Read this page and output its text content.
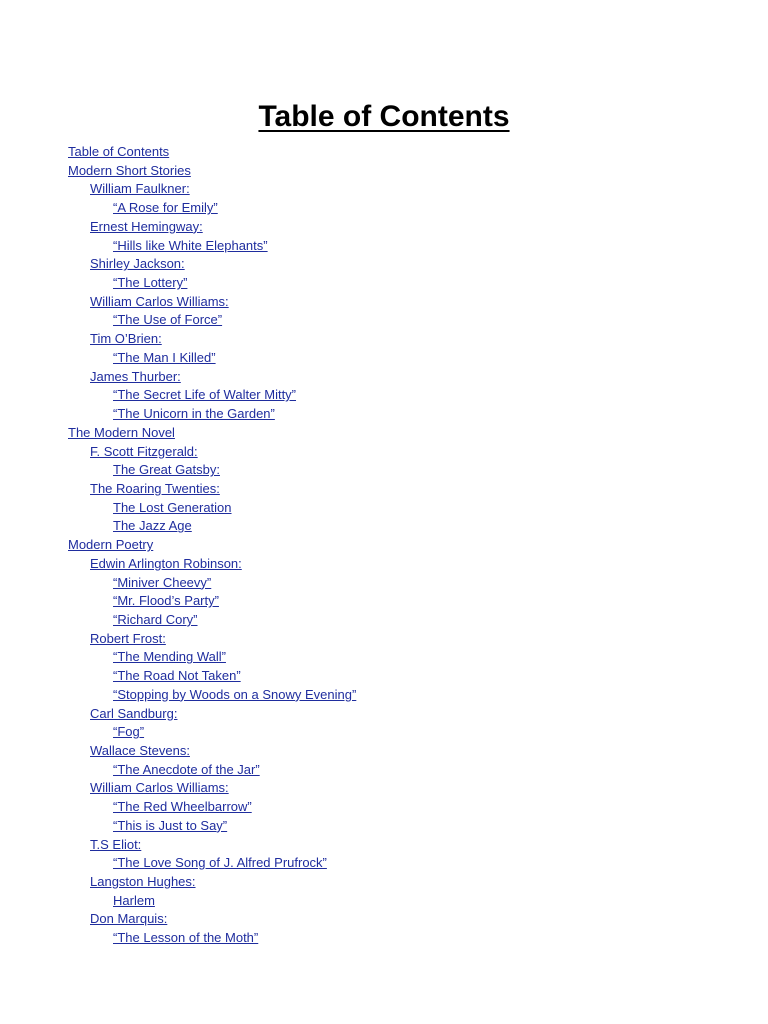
Table of Contents
Table of Contents
Modern Short Stories
William Faulkner:
“A Rose for Emily”
Ernest Hemingway:
“Hills like White Elephants”
Shirley Jackson:
“The Lottery”
William Carlos Williams:
“The Use of Force”
Tim O’Brien:
“The Man I Killed”
James Thurber:
“The Secret Life of Walter Mitty”
“The Unicorn in the Garden”
The Modern Novel
F. Scott Fitzgerald:
The Great Gatsby:
The Roaring Twenties:
The Lost Generation
The Jazz Age
Modern Poetry
Edwin Arlington Robinson:
“Miniver Cheevy”
“Mr. Flood’s Party”
“Richard Cory”
Robert Frost:
“The Mending Wall”
“The Road Not Taken”
“Stopping by Woods on a Snowy Evening”
Carl Sandburg:
“Fog”
Wallace Stevens:
“The Anecdote of the Jar”
William Carlos Williams:
“The Red Wheelbarrow”
“This is Just to Say”
T.S Eliot:
“The Love Song of J. Alfred Prufrock”
Langston Hughes:
Harlem
Don Marquis:
“The Lesson of the Moth”
